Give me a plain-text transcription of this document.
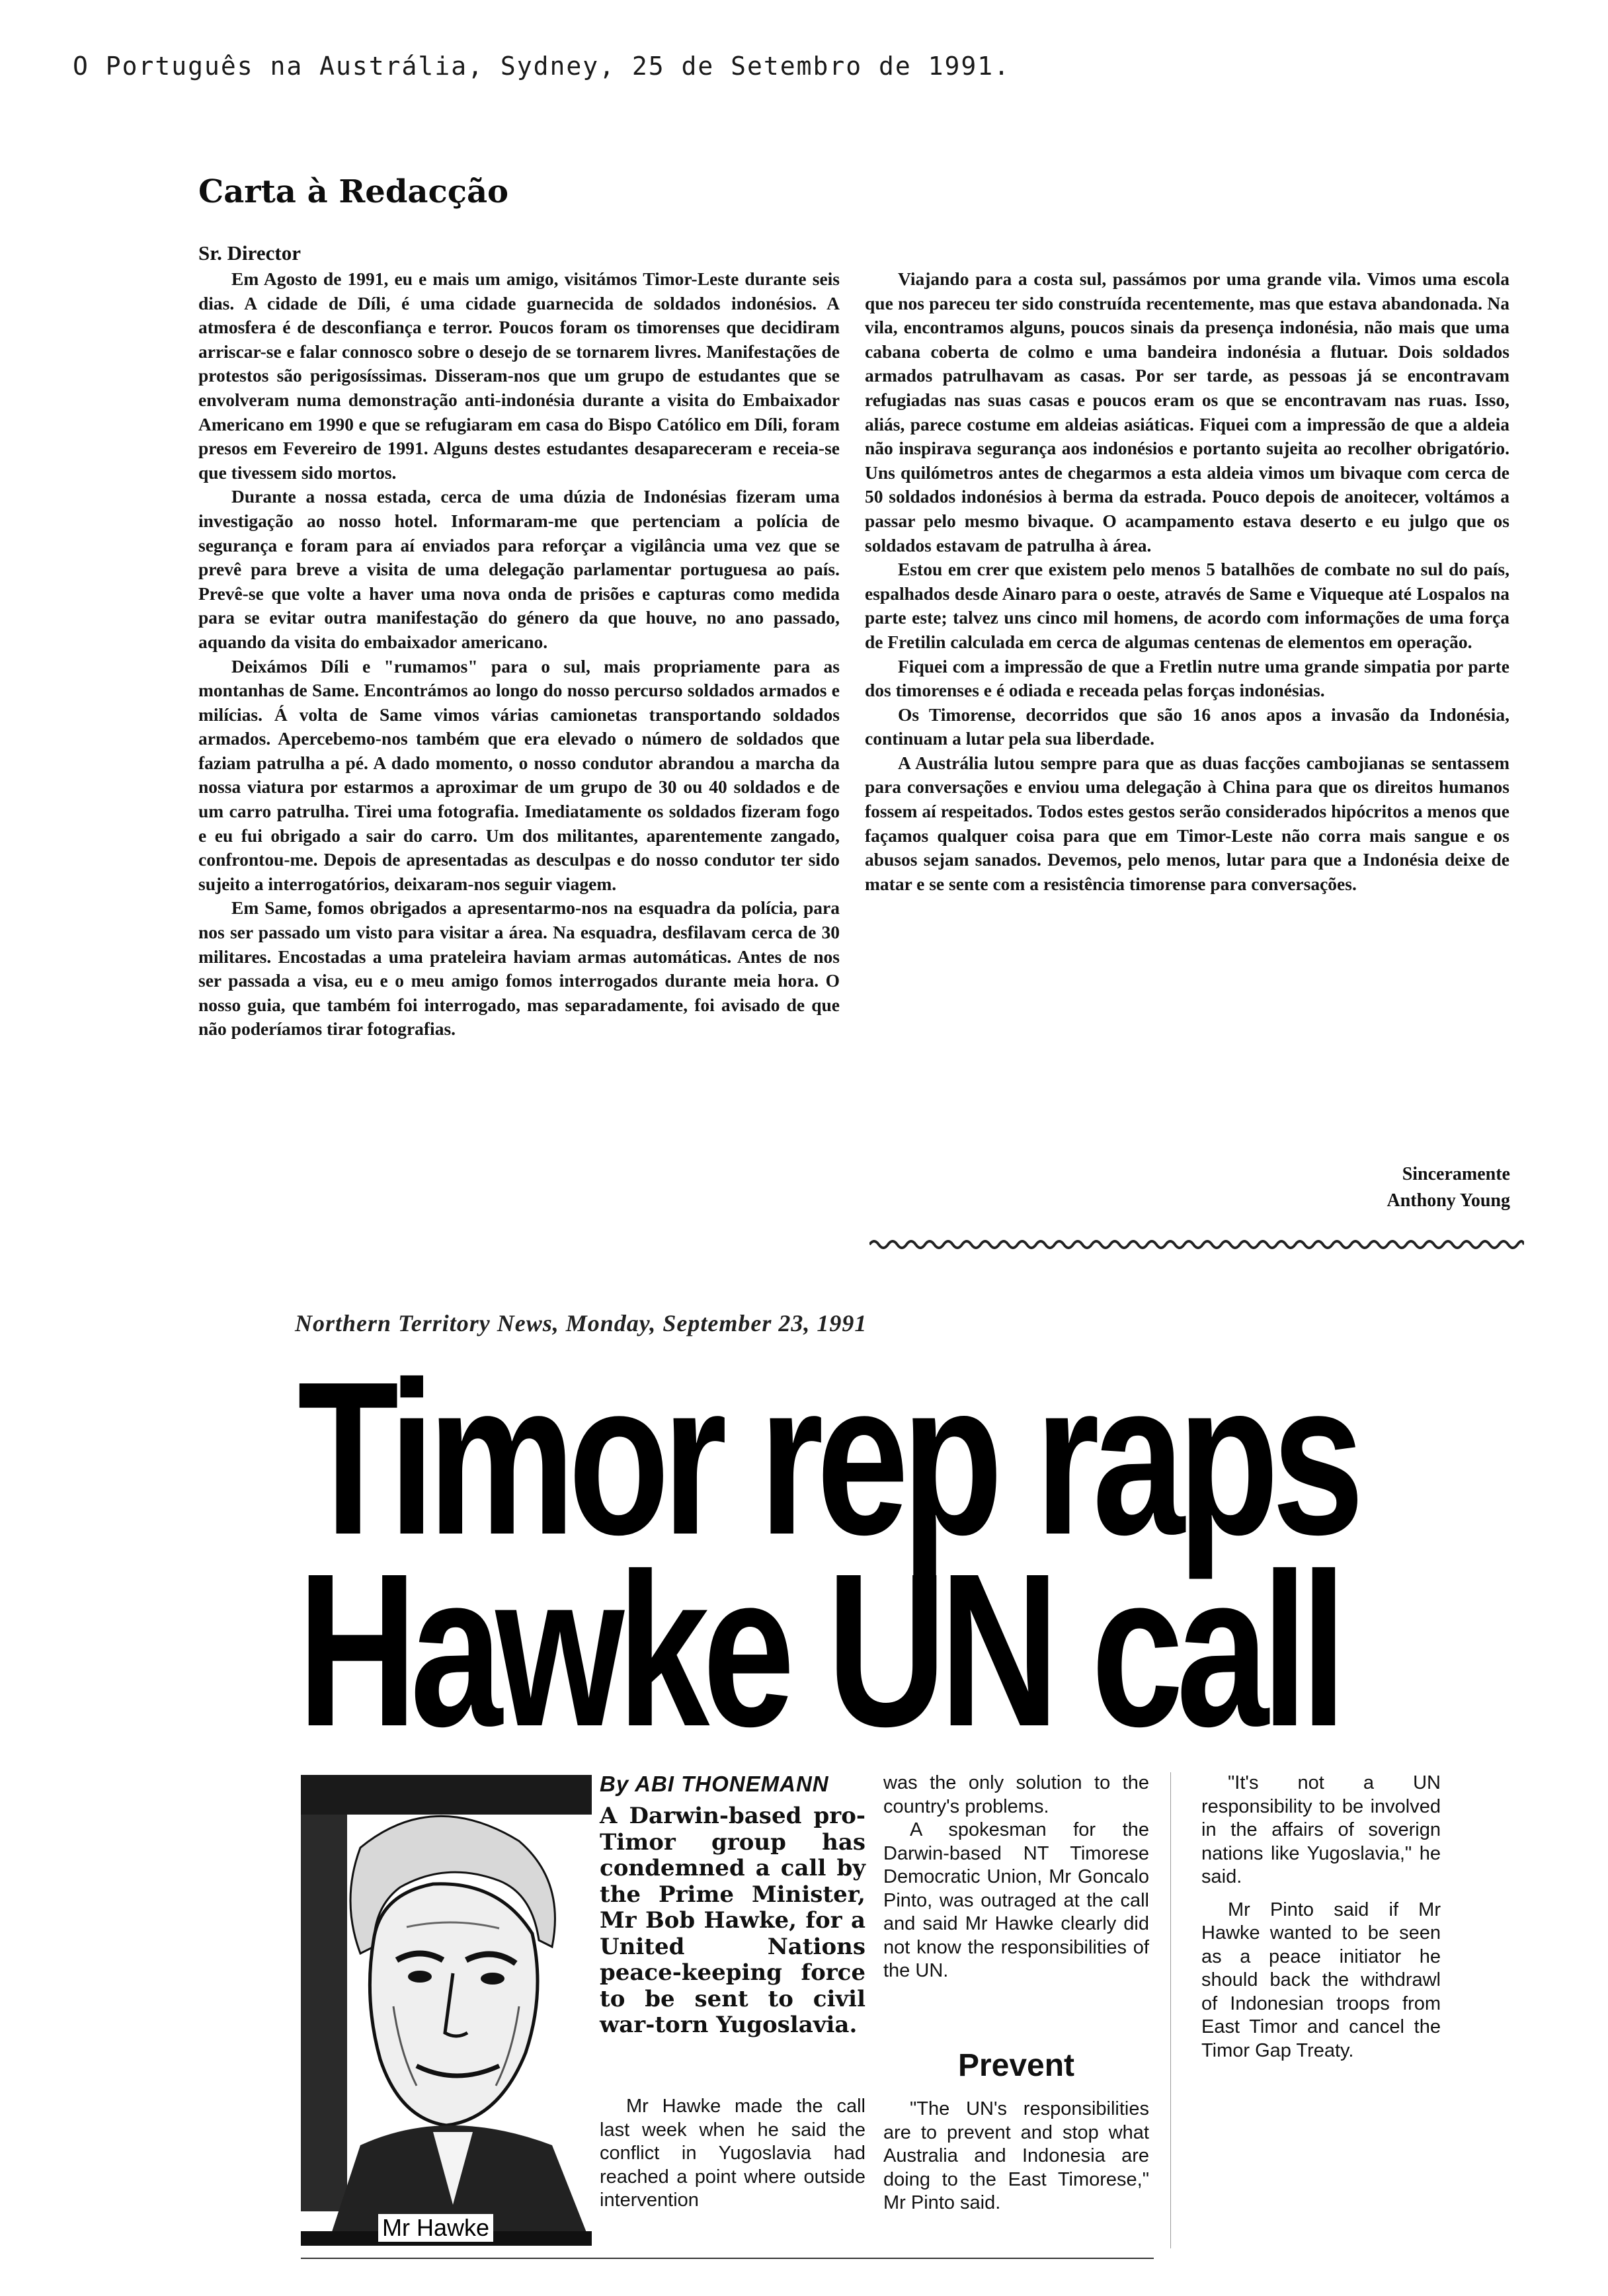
O Português na Austrália, Sydney, 25 de Setembro de 1991.
Carta à Redacção
Sr. Director

Em Agosto de 1991, eu e mais um amigo, visitámos Timor-Leste durante seis dias. A cidade de Díli, é uma cidade guarnecida de soldados indonésios. A atmosfera é de desconfiança e terror. Poucos foram os timorenses que decidiram arriscar-se e falar connosco sobre o desejo de se tornarem livres. Manifestações de protestos são perigosíssimas. Disseram-nos que um grupo de estudantes que se envolveram numa demonstração anti-indonésia durante a visita do Embaixador Americano em 1990 e que se refugiaram em casa do Bispo Católico em Díli, foram presos em Fevereiro de 1991. Alguns destes estudantes desapareceram e receia-se que tivessem sido mortos.

Durante a nossa estada, cerca de uma dúzia de Indonésias fizeram uma investigação ao nosso hotel. Informaram-me que pertenciam a polícia de segurança e foram para aí enviados para reforçar a vigilância uma vez que se prevê para breve a visita de uma delegação parlamentar portuguesa ao país. Prevê-se que volte a haver uma nova onda de prisões e capturas como medida para se evitar outra manifestação do género da que houve, no ano passado, aquando da visita do embaixador americano.

Deixámos Díli e "rumamos" para o sul, mais propriamente para as montanhas de Same. Encontrámos ao longo do nosso percurso soldados armados e milícias. Á volta de Same vimos várias camionetas transportando soldados armados. Apercebemo-nos também que era elevado o número de soldados que faziam patrulha a pé. A dado momento, o nosso condutor abrandou a marcha da nossa viatura por estarmos a aproximar de um grupo de 30 ou 40 soldados e de um carro patrulha. Tirei uma fotografia. Imediatamente os soldados fizeram fogo e eu fui obrigado a sair do carro. Um dos militantes, aparentemente zangado, confrontou-me. Depois de apresentadas as desculpas e do nosso condutor ter sido sujeito a interrogatórios, deixaram-nos seguir viagem.

Em Same, fomos obrigados a apresentarmo-nos na esquadra da polícia, para nos ser passado um visto para visitar a área. Na esquadra, desfilavam cerca de 30 militares. Encostadas a uma prateleira haviam armas automáticas. Antes de nos ser passada a visa, eu e o meu amigo fomos interrogados durante meia hora. O nosso guia, que também foi interrogado, mas separadamente, foi avisado de que não poderíamos tirar fotografias.

Viajando para a costa sul, passámos por uma grande vila. Vimos uma escola que nos pareceu ter sido construída recentemente, mas que estava abandonada. Na vila, encontramos alguns, poucos sinais da presença indonésia, não mais que uma cabana coberta de colmo e uma bandeira indonésia a flutuar. Dois soldados armados patrulhavam as casas. Por ser tarde, as pessoas já se encontravam refugiadas nas suas casas e poucos eram os que se encontravam nas ruas. Isso, aliás, parece costume em aldeias asiáticas. Fiquei com a impressão de que a aldeia não inspirava segurança aos indonésios e portanto sujeita ao recolher obrigatório. Uns quilómetros antes de chegarmos a esta aldeia vimos um bivaque com cerca de 50 soldados indonésios à berma da estrada. Pouco depois de anoitecer, voltámos a passar pelo mesmo bivaque. O acampamento estava deserto e eu julgo que os soldados estavam de patrulha à área.

Estou em crer que existem pelo menos 5 batalhões de combate no sul do país, espalhados desde Ainaro para o oeste, através de Same e Viqueque até Lospalos na parte este; talvez uns cinco mil homens, de acordo com informações de uma força de Fretilin calculada em cerca de algumas centenas de elementos em operação.

Fiquei com a impressão de que a Fretlin nutre uma grande simpatia por parte dos timorenses e é odiada e receada pelas forças indonésias.

Os Timorense, decorridos que são 16 anos apos a invasão da Indonésia, continuam a lutar pela sua liberdade.

A Austrália lutou sempre para que as duas facções cambojianas se sentassem para conversações e enviou uma delegação à China para que os direitos humanos fossem aí respeitados. Todos estes gestos serão considerados hipócritos a menos que façamos qualquer coisa para que em Timor-Leste não corra mais sangue e os abusos sejam sanados. Devemos, pelo menos, lutar para que a Indonésia deixe de matar e se sente com a resistência timorense para conversações.

Sinceramente
Anthony Young
Northern Territory News, Monday, September 23, 1991
Timor rep raps
Hawke UN call
Mr Hawke
By ABI THONEMANN
A Darwin-based pro-Timor group has condemned a call by the Prime Minister, Mr Bob Hawke, for a United Nations peace-keeping force to be sent to civil war-torn Yugoslavia.

Mr Hawke made the call last week when he said the conflict in Yugoslavia had reached a point where outside intervention

was the only solution to the country's problems.

A spokesman for the Darwin-based NT Timorese Democratic Union, Mr Goncalo Pinto, was outraged at the call and said Mr Hawke clearly did not know the responsibilities of the UN.

Prevent

"The UN's responsibilities are to prevent and stop what Australia and Indonesia are doing to the East Timorese," Mr Pinto said.

"It's not a UN responsibility to be involved in the affairs of soverign nations like Yugoslavia," he said.

Mr Pinto said if Mr Hawke wanted to be seen as a peace initiator he should back the withdrawl of Indonesian troops from East Timor and cancel the Timor Gap Treaty.
